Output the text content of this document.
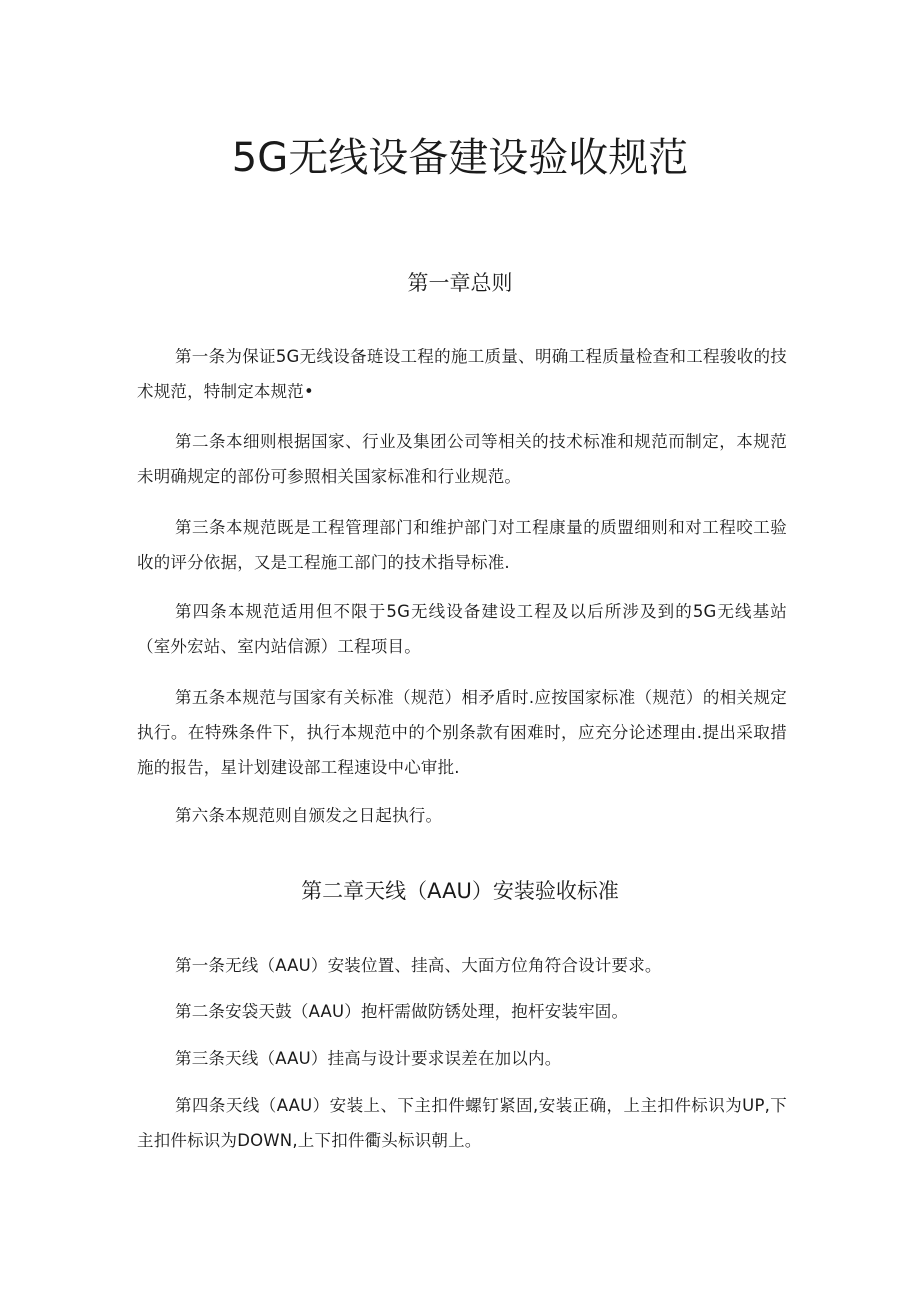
5G无线设备建设验收规范
第一章总则

第一条为保证5G无线设备琏设工程的施工质量、明确工程质量检查和工程骏收的技术规范，特制定本规范•

第二条本细则根据国家、行业及集团公司等相关的技术标准和规范而制定，本规范未明确规定的部份可参照相关国家标准和行业规范。

第三条本规范既是工程管理部门和维护部门对工程康量的质盟细则和对工程咬工验收的评分依据，又是工程施工部门的技术指导标准.

第四条本规范适用但不限于5G无线设备建设工程及以后所涉及到的5G无线基站（室外宏站、室内站信源）工程项目。

第五条本规范与国家有关标准（规范）相矛盾时.应按国家标准（规范）的相关规定执行。在特殊条件下，执行本规范中的个别条款有困难时，应充分论述理由.提出采取措施的报告，星计划建设部工程速设中心审批.

第六条本规范则自颁发之日起执行。

第二章天线（AAU）安装验收标准

第一条无线（AAU）安装位置、挂高、大面方位角符合设计要求。

第二条安袋天鼓（AAU）抱杆需做防锈处理，抱杆安装牢固。

第三条天线（AAU）挂高与设计要求误差在加以内。

第四条天线（AAU）安装上、下主扣件螺钉紧固,安装正确，上主扣件标识为UP,下主扣件标识为DOWN,上下扣件衢头标识朝上。
